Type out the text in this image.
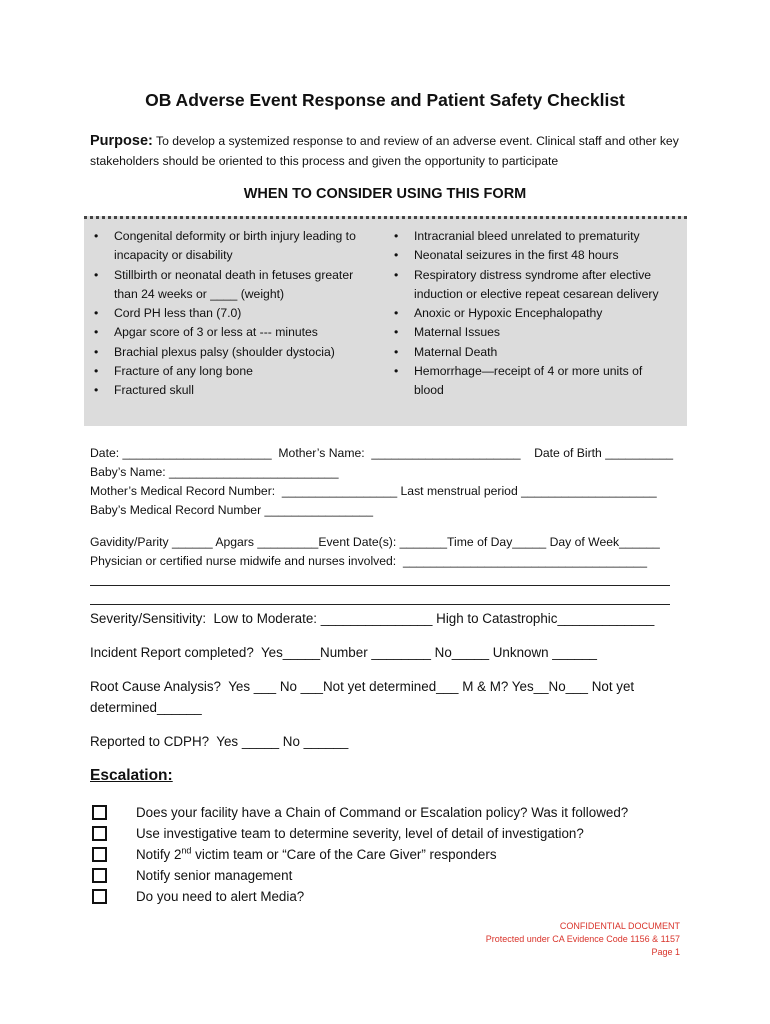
OB Adverse Event Response and Patient Safety Checklist
Purpose: To develop a systemized response to and review of an adverse event. Clinical staff and other key stakeholders should be oriented to this process and given the opportunity to participate
WHEN TO CONSIDER USING THIS FORM
• Congenital deformity or birth injury leading to
incapacity or disability
• Stillbirth or neonatal death in fetuses greater
than 24 weeks or ____ (weight)
• Cord PH less than (7.0)
• Apgar score of 3 or less at --- minutes
• Brachial plexus palsy (shoulder dystocia)
• Fracture of any long bone
• Fractured skull
• Intracranial bleed unrelated to prematurity
• Neonatal seizures in the first 48 hours
• Respiratory distress syndrome after elective
induction or elective repeat cesarean delivery
• Anoxic or Hypoxic Encephalopathy
• Maternal Issues
• Maternal Death
• Hemorrhage—receipt of 4 or more units of
blood
Date: ______________________  Mother’s Name:  ______________________    Date of Birth __________
Baby’s Name: _________________________
Mother’s Medical Record Number:  _________________ Last menstrual period ____________________
Baby’s Medical Record Number ________________
Gavidity/Parity ______ Apgars _________Event Date(s): _______Time of Day_____ Day of Week______
Physician or certified nurse midwife and nurses involved:  ____________________________________
Severity/Sensitivity:  Low to Moderate: _______________ High to Catastrophic_____________
Incident Report completed?  Yes_____Number ________ No_____ Unknown ______
Root Cause Analysis?  Yes ___ No ___Not yet determined___ M & M? Yes__No___ Not yet
determined______
Reported to CDPH?  Yes _____ No ______
Escalation:
Does your facility have a Chain of Command or Escalation policy? Was it followed?
Use investigative team to determine severity, level of detail of investigation?
Notify 2nd victim team or “Care of the Care Giver” responders
Notify senior management
Do you need to alert Media?
CONFIDENTIAL DOCUMENT
Protected under CA Evidence Code 1156 & 1157
Page 1
